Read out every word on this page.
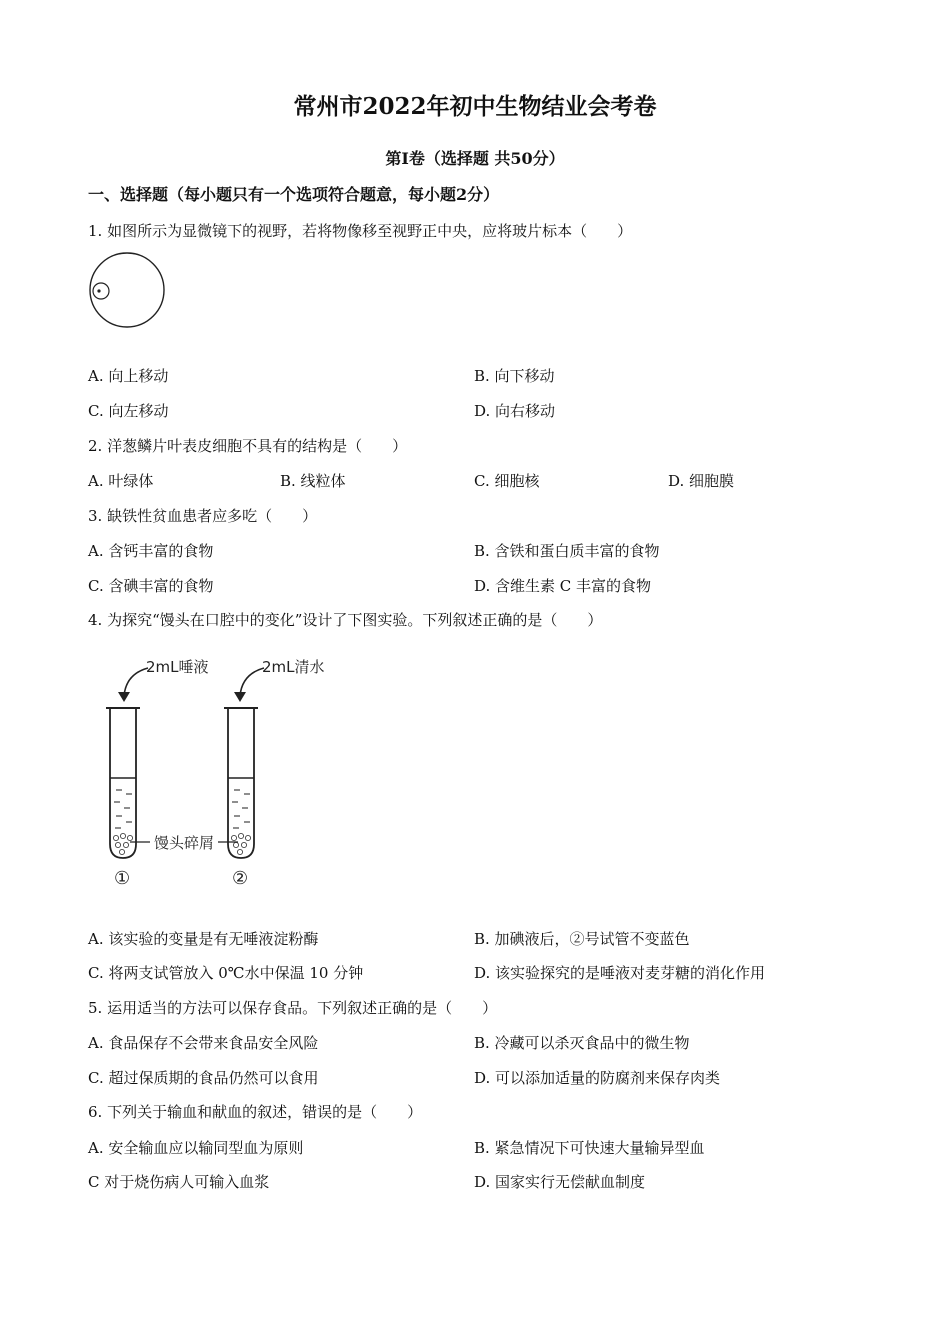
常州市2022年初中生物结业会考卷
第Ⅰ卷（选择题 共50分）
一、选择题（每小题只有一个选项符合题意，每小题2分）
1. 如图所示为显微镜下的视野，若将物像移至视野正中央，应将玻片标本（　　）
A. 向上移动	B. 向下移动
C. 向左移动	D. 向右移动
2. 洋葱鳞片叶表皮细胞不具有的结构是（　　）
A. 叶绿体	B. 线粒体	C. 细胞核	D. 细胞膜
3. 缺铁性贫血患者应多吃（　　）
A. 含钙丰富的食物	B. 含铁和蛋白质丰富的食物
C. 含碘丰富的食物	D. 含维生素 C 丰富的食物
4. 为探究“馒头在口腔中的变化”设计了下图实验。下列叙述正确的是（　　）
2mL唾液	2mL清水
馒头碎屑
①	②
A. 该实验的变量是有无唾液淀粉酶	B. 加碘液后，②号试管不变蓝色
C. 将两支试管放入 0℃水中保温 10 分钟	D. 该实验探究的是唾液对麦芽糖的消化作用
5. 运用适当的方法可以保存食品。下列叙述正确的是（　　）
A. 食品保存不会带来食品安全风险	B. 冷藏可以杀灭食品中的微生物
C. 超过保质期的食品仍然可以食用	D. 可以添加适量的防腐剂来保存肉类
6. 下列关于输血和献血的叙述，错误的是（　　）
A. 安全输血应以输同型血为原则	B. 紧急情况下可快速大量输异型血
C 对于烧伤病人可输入血浆	D. 国家实行无偿献血制度
